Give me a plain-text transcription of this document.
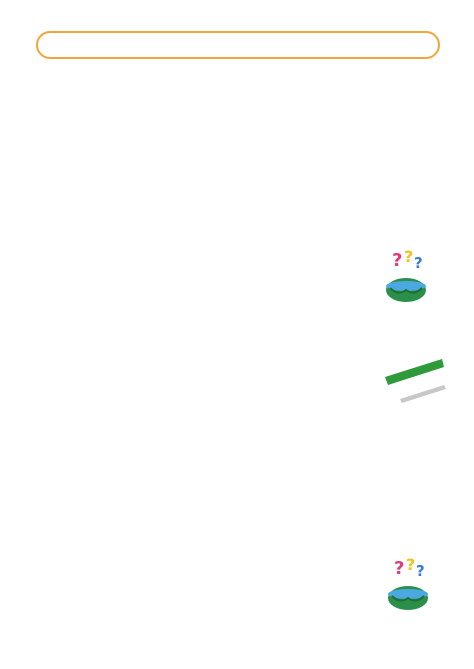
? ? ?
? ? ?
